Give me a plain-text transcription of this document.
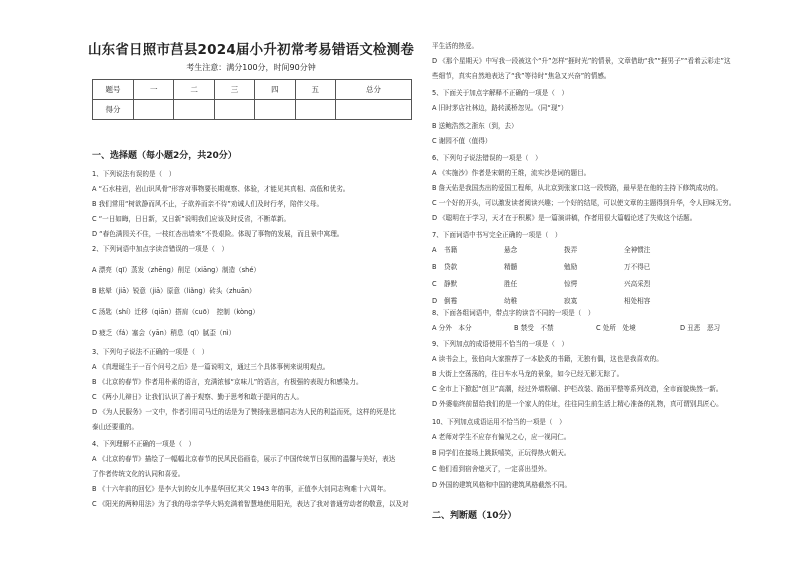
山东省日照市莒县2024届小升初常考易错语文检测卷
考生注意：满分100分，时间90分钟
题号	一	二	三	四	五	总分
得分						
一、选择题（每小题2分，共20分）
1、下列说法有误的是（　）
A “石水桂岩，岩山识风骨”形容对事物要长期观察、体验，才能见其真相、高低和优劣。
B 我们常用“树欲静而风不止，子欲养而亲不待”劝诫人们及时行孝，陪伴父母。
C “一日如晦，日日新，又日新”说明我们应该及时反省，不断革新。
D “春色满园关不住，一枝红杏出墙来”不畏艰险。体现了事物的发展，而且景中寓理。
2、下列词语中加点字读音错误的一项是（　）
A 漂亮（qī）蒸发（zhēng）削足（xiāng）制造（shé）
B 眩晕（jiā）锐意（jiā）原意（liǎng）砖头（zhuān）
C 汤匙（shí）迁移（qiān）搭肩（cuō）　控制（kòng）
D 疲乏（fá）塞会（yān）稍息（qī）腻歪（nì）
3、下列句子说法不正确的一项是（　）
A 《真理诞生于一百个问号之后》是一篇说明文，通过三个具体事例来说明观点。
B 《北京的春节》作者用朴素的语言，充满浓郁“京味儿”的语言，有极强的表现力和感染力。
C 《两小儿辩日》让我们认识了善于观察、勤于思考和敢于提问的古人。
D 《为人民服务》一文中，作者引用司马迁的话是为了赞扬张思德同志为人民的利益而死，这样的死是比
泰山还要重的。
4、下列理解不正确的一项是（　）
A 《北京的春节》描绘了一幅幅北京春节的民风民俗画卷，展示了中国传统节日氛围的温馨与美好，表达
了作者传统文化的认同和喜爱。
B 《十六年前的回忆》是李大钊的女儿李星华回忆其父 1943 年的事，正值李大钊同志殉难十六周年。
C 《阳光的两种用法》为了我的母亲学华大妈充满着智慧地使用阳光，表达了我对普通劳动者的敬意，以及对
平生活的热爱。
D 《那个星期天》中写我一段被这个“升”怎样“捱时光”的情景，文章借助“我”“捱男子”“看着云彩走”这
些细节，真实自然地表达了“我”等待时“焦急又兴奋”的情感。
5、下面关于加点字解释不正确的一项是（　）
A 旧时茅店社林边，路转溪桥忽见。（同“现”）
B 送鲍浩然之浙东（到，去）
C 谢园不值（值得）
6、下列句子说法错误的一项是（　）
A 《实施沙》作者是宋朝的王维，流实沙是词的题目。
B 詹天佑是我国杰出的爱国工程师，从北京到张家口这一段铁路，最早是在他的主持下修筑成功的。
C 一个好的开头，可以激发读者阅读兴趣；一个好的结尾，可以使文章的主题得到升华，令人回味无穷。
D 《聪明在于学习，天才在于积累》是一篇演讲稿，作者用很大篇幅论述了失败这个话题。
7、下面词语中书写完全正确的一项是（　）
A 书籍	悬念	拨弄	全神惯注
B 贷款	精髓	勉励	万不得已
C 静默	胜任	惊愕	兴高采烈
D 倒霉	幼稚	寂寞	相处相容
8、下面各组词语中，带点字的读音不同的一项是（　）
A 分外　本分	B 禁受　不禁	C 处所　处境	D 丑恶　恶习
9、下列加点的成语使用不恰当的一项是（　）
A 读书会上，张伯向大家推荐了一本脍炙的书籍，无独有偶，这也是我喜欢的。
B 大街上空荡荡的，往日车水马龙的景象，如今已经无影无踪了。
C 全市上下掀起“创卫”高潮，经过外墙粉刷、护栏改装、路面平整等系列改造，全市面貌焕然一新。
D 外婆临终前留给我们的是一个家人的住址，往往同生前生活上精心准备的礼物，真可谓别具匠心。
10、下列加点成语运用不恰当的一项是（　）
A 老师对学生不应存有偏见之心，应一视同仁。
B 同学们在接场上跳跃嘻笑，正玩得热火朝天。
C 他们看到宿舍熄灭了，一定喜出望外。
D 外国的建筑风格和中国的建筑风格截然不同。
二、判断题（10分）
